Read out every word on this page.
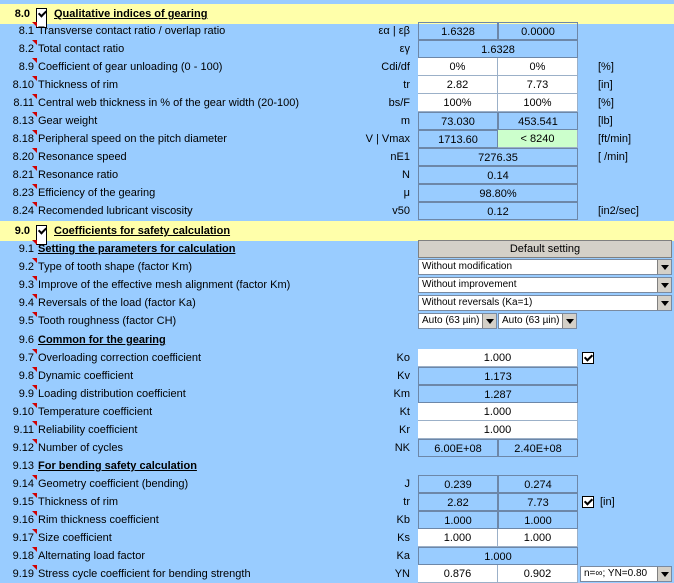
8.0 Qualitative indices of gearing
8.1 Transverse contact ratio / overlap ratio	εα | εβ	1.6328	0.0000
8.2 Total contact ratio	εγ	1.6328
8.9 Coefficient of gear unloading (0 - 100)	Cdi/df	0%	0%	[%]
8.10 Thickness of rim	tr	2.82	7.73	[in]
8.11 Central web thickness in % of the gear width (20-100)	bs/F	100%	100%	[%]
8.13 Gear weight	m	73.030	453.541	[lb]
8.18 Peripheral speed on the pitch diameter	V | Vmax	1713.60	< 8240	[ft/min]
8.20 Resonance speed	nE1	7276.35	[ /min]
8.21 Resonance ratio	N	0.14
8.23 Efficiency of the gearing	μ	98.80%
8.24 Recomended lubricant viscosity	v50	0.12	[in2/sec]
9.0 Coefficients for safety calculation
9.1 Setting the parameters for calculation	Default setting
9.2 Type of tooth shape (factor Km)	Without modification
9.3 Improve of the effective mesh alignment (factor Km)	Without improvement
9.4 Reversals of the load (factor Ka)	Without reversals (Ka=1)
9.5 Tooth roughness (factor CH)	Auto (63 µin)	Auto (63 µin)
9.6 Common for the gearing
9.7 Overloading correction coefficient	Ko	1.000
9.8 Dynamic coefficient	Kv	1.173
9.9 Loading distribution coefficient	Km	1.287
9.10 Temperature coefficient	Kt	1.000
9.11 Reliability coefficient	Kr	1.000
9.12 Number of cycles	NK	6.00E+08	2.40E+08
9.13 For bending safety calculation
9.14 Geometry coefficient (bending)	J	0.239	0.274
9.15 Thickness of rim	tr	2.82	7.73	[in]
9.16 Rim thickness coefficient	Kb	1.000	1.000
9.17 Size coefficient	Ks	1.000	1.000
9.18 Alternating load factor	Ka	1.000
9.19 Stress cycle coefficient for bending strength	YN	0.876	0.902	n=∞; YN=0.80
